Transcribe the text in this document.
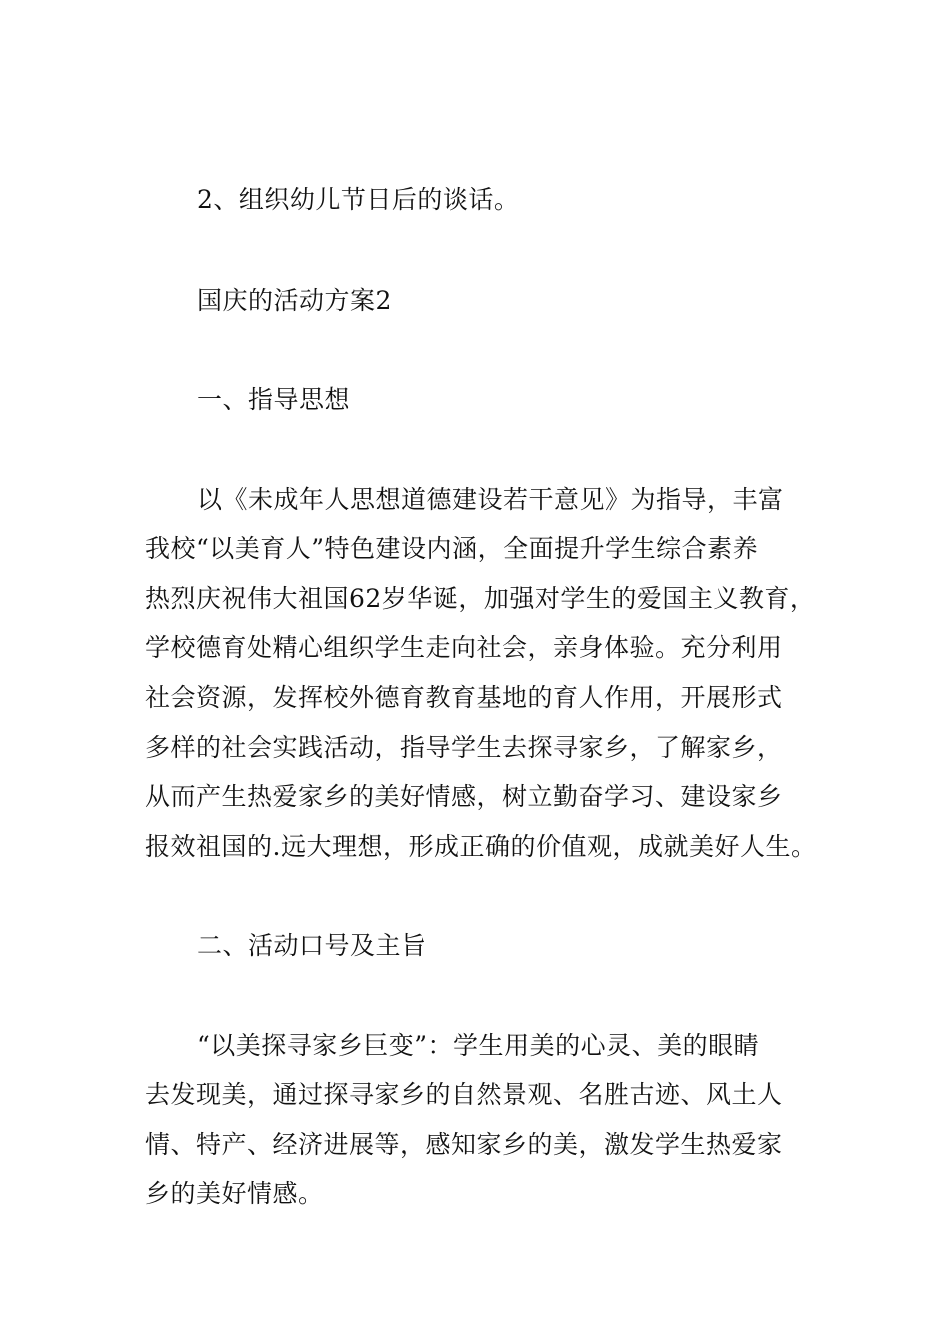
2、组织幼儿节日后的谈话。
国庆的活动方案2
一、指导思想
以《未成年人思想道德建设若干意见》为指导，丰富
我校“以美育人”特色建设内涵，全面提升学生综合素养
热烈庆祝伟大祖国62岁华诞，加强对学生的爱国主义教育，
学校德育处精心组织学生走向社会，亲身体验。充分利用
社会资源，发挥校外德育教育基地的育人作用，开展形式
多样的社会实践活动，指导学生去探寻家乡，了解家乡，
从而产生热爱家乡的美好情感，树立勤奋学习、建设家乡
报效祖国的.远大理想，形成正确的价值观，成就美好人生。
二、活动口号及主旨
“以美探寻家乡巨变”：学生用美的心灵、美的眼睛
去发现美，通过探寻家乡的自然景观、名胜古迹、风土人
情、特产、经济进展等，感知家乡的美，激发学生热爱家
乡的美好情感。
